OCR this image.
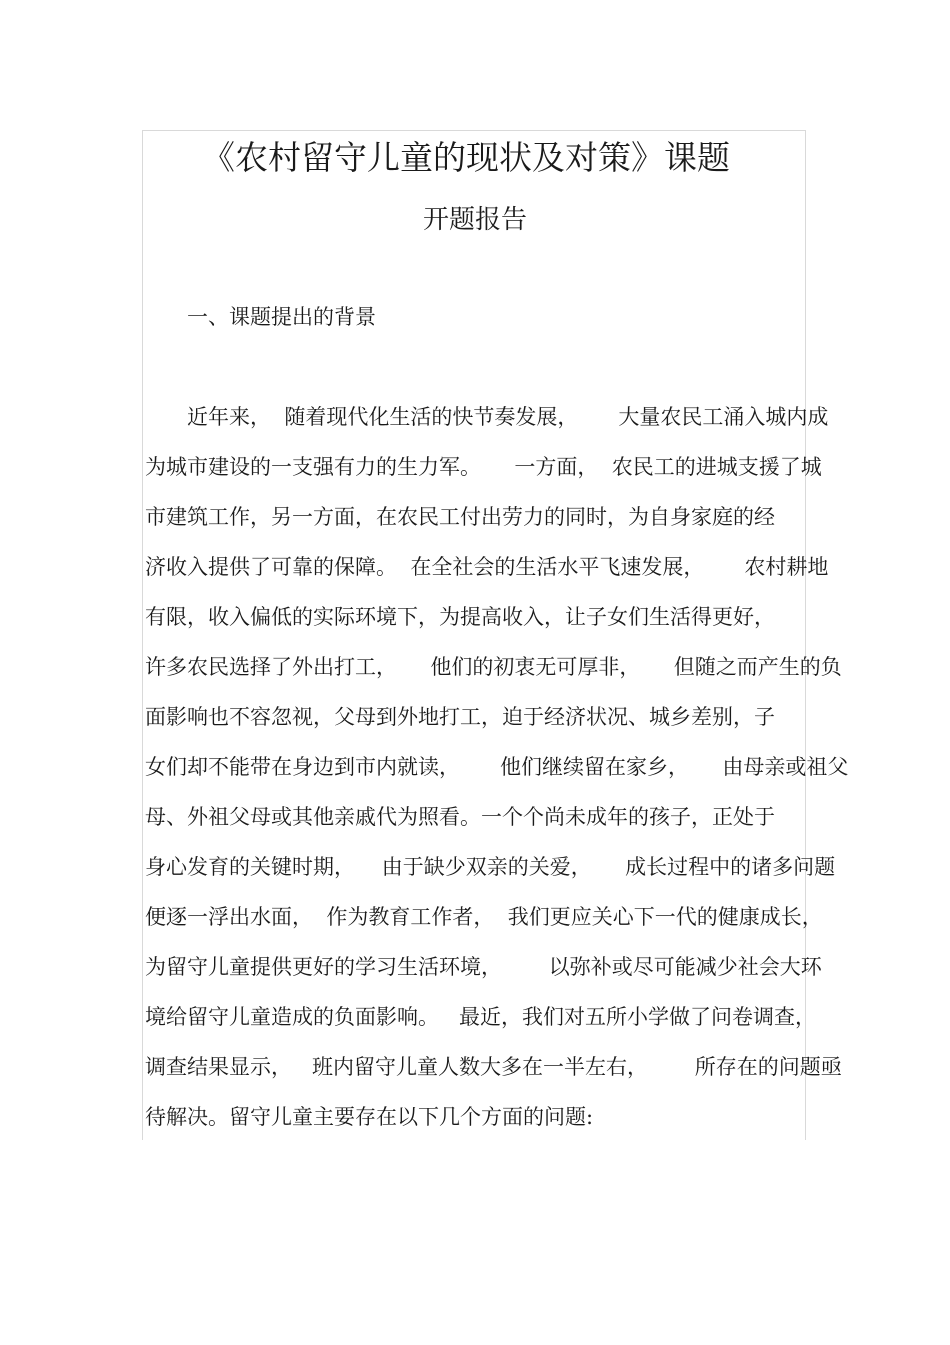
《农村留守儿童的现状及对策》课题
开题报告
一、课题提出的背景
近年来，  随着现代化生活的快节奏发展，      大量农民工涌入城内成
为城市建设的一支强有力的生力军。     一方面，  农民工的进城支援了城
市建筑工作，另一方面，在农民工付出劳力的同时，为自身家庭的经
济收入提供了可靠的保障。  在全社会的生活水平飞速发展，      农村耕地
有限，收入偏低的实际环境下，为提高收入，让子女们生活得更好，
许多农民选择了外出打工，     他们的初衷无可厚非，     但随之而产生的负
面影响也不容忽视，父母到外地打工，迫于经济状况、城乡差别，子
女们却不能带在身边到市内就读，      他们继续留在家乡，     由母亲或祖父
母、外祖父母或其他亲戚代为照看。一个个尚未成年的孩子，正处于
身心发育的关键时期，    由于缺少双亲的关爱，     成长过程中的诸多问题
便逐一浮出水面，  作为教育工作者，  我们更应关心下一代的健康成长，
为留守儿童提供更好的学习生活环境，       以弥补或尽可能减少社会大环
境给留守儿童造成的负面影响。   最近，我们对五所小学做了问卷调查，
调查结果显示，   班内留守儿童人数大多在一半左右，       所存在的问题亟
待解决。留守儿童主要存在以下几个方面的问题:
